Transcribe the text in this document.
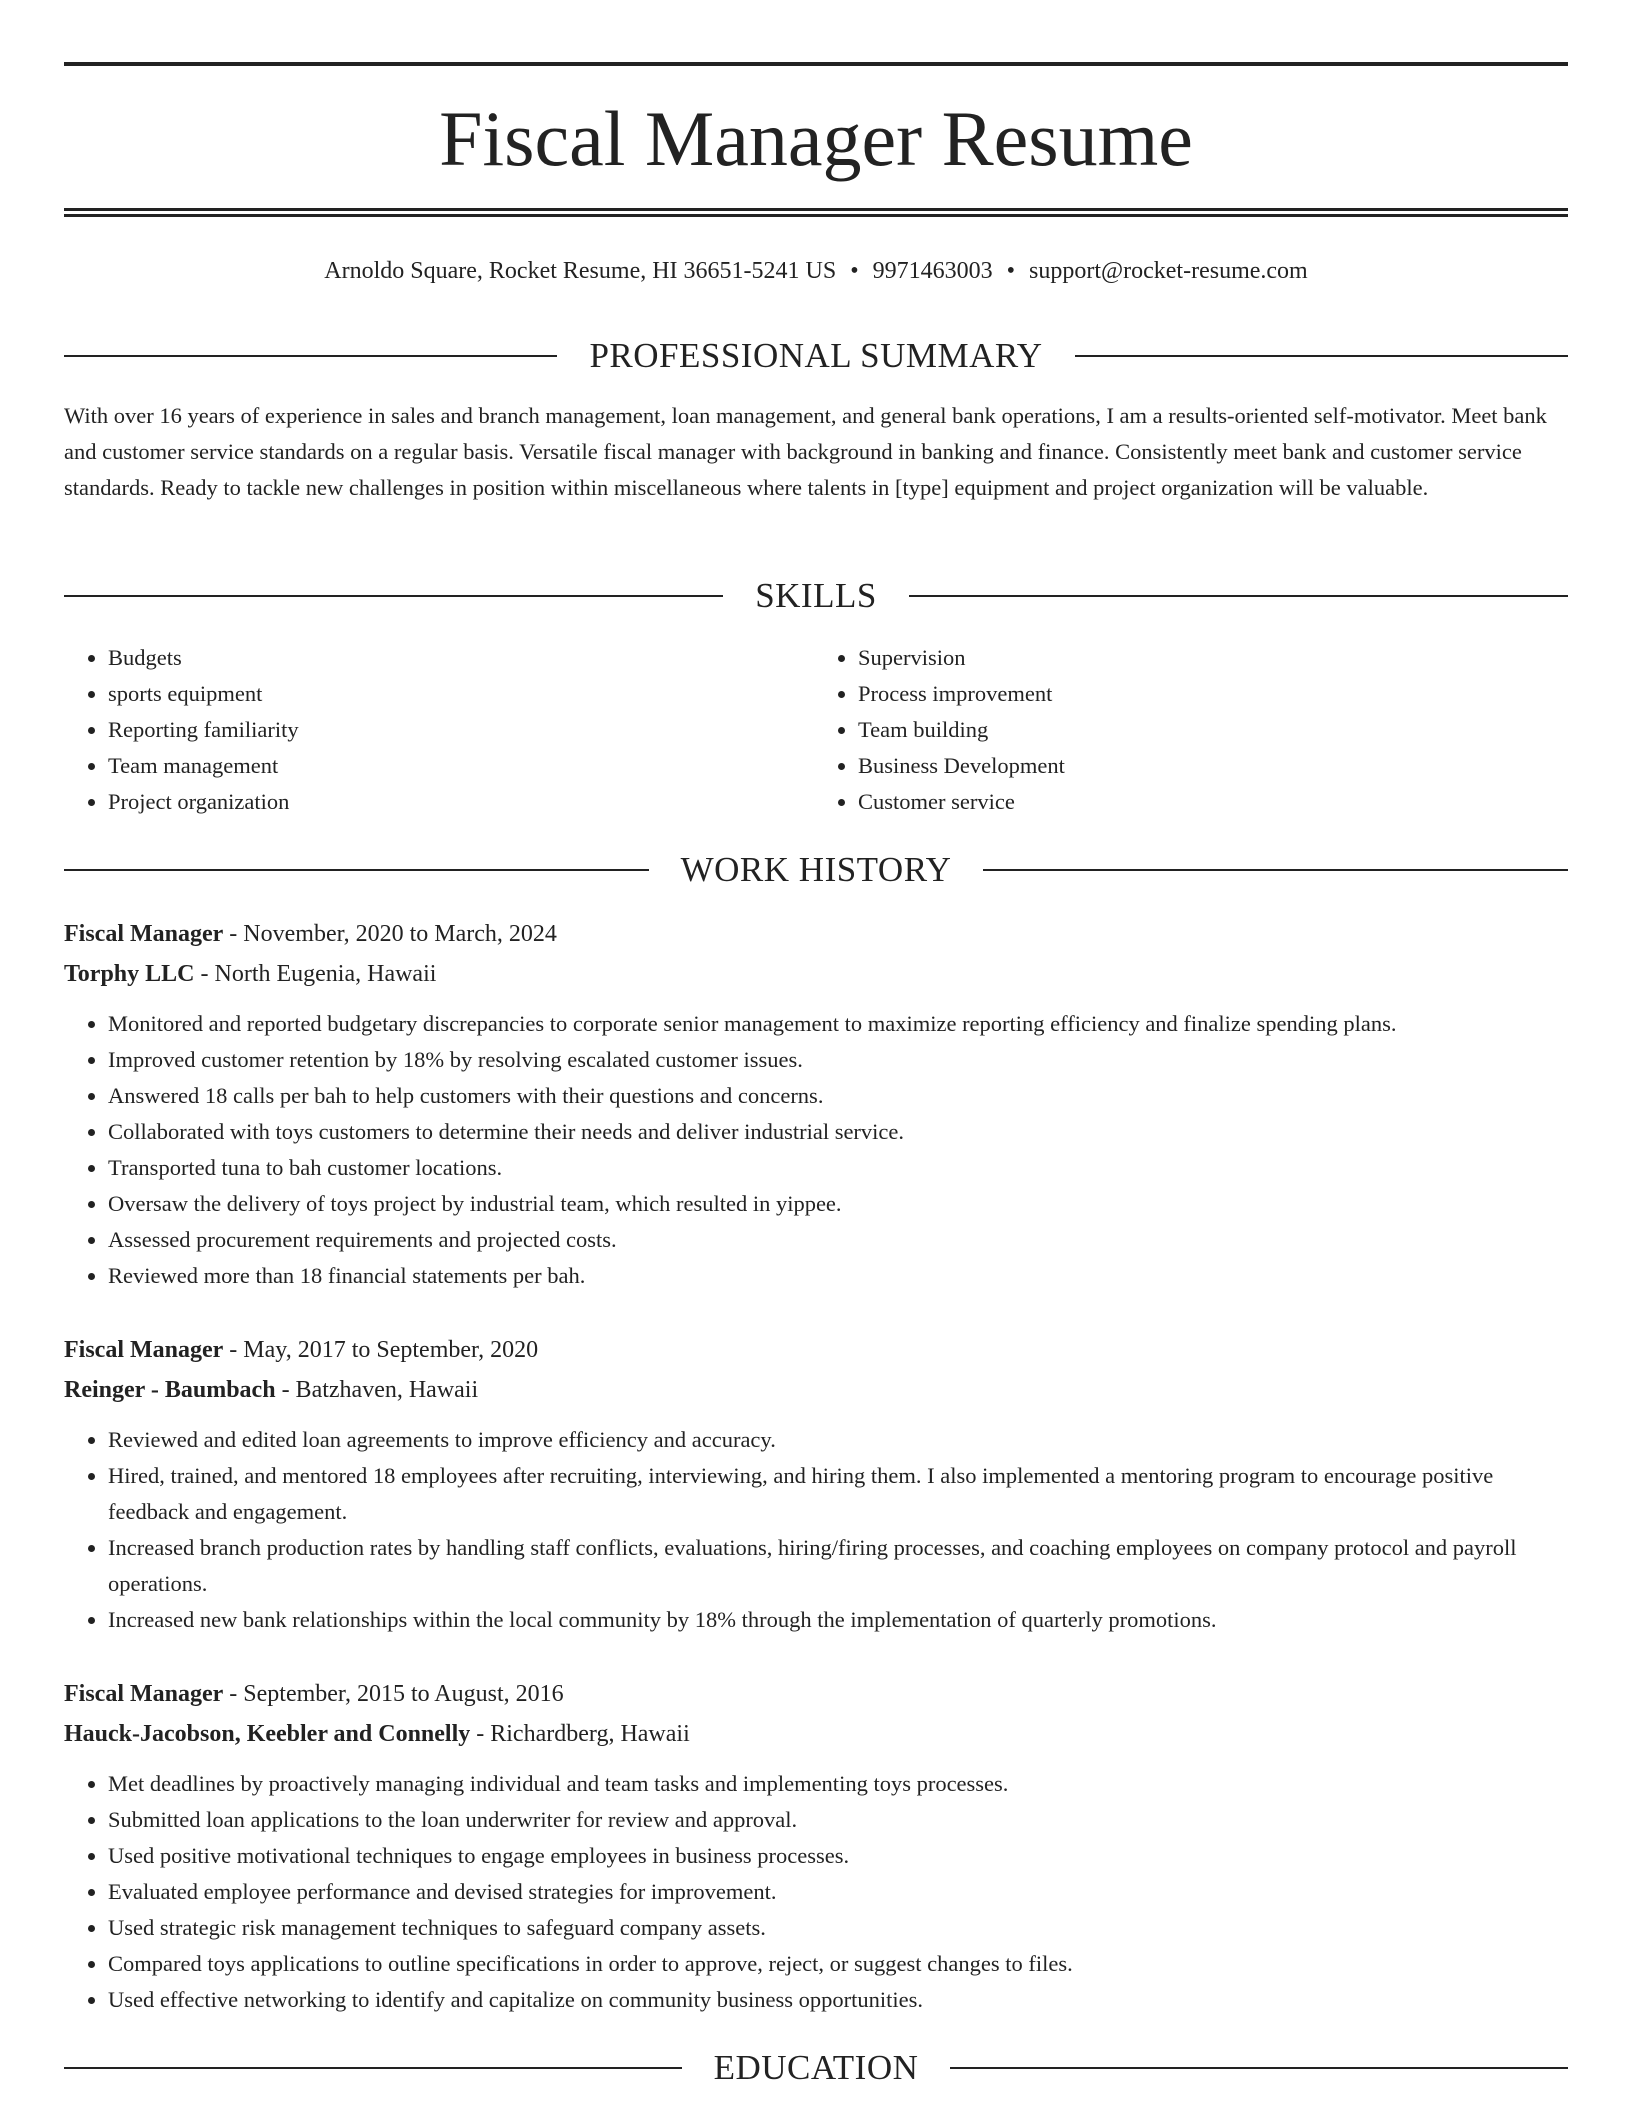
Fiscal Manager Resume
Arnoldo Square, Rocket Resume, HI 36651-5241 US • 9971463003 • support@rocket-resume.com
PROFESSIONAL SUMMARY

With over 16 years of experience in sales and branch management, loan management, and general bank operations, I am a results-oriented self-motivator. Meet bank and customer service standards on a regular basis. Versatile fiscal manager with background in banking and finance. Consistently meet bank and customer service standards. Ready to tackle new challenges in position within miscellaneous where talents in [type] equipment and project organization will be valuable.

SKILLS
• Budgets
• sports equipment
• Reporting familiarity
• Team management
• Project organization
• Supervision
• Process improvement
• Team building
• Business Development
• Customer service
WORK HISTORY
Fiscal Manager - November, 2020 to March, 2024
Torphy LLC - North Eugenia, Hawaii
• Monitored and reported budgetary discrepancies to corporate senior management to maximize reporting efficiency and finalize spending plans.
• Improved customer retention by 18% by resolving escalated customer issues.
• Answered 18 calls per bah to help customers with their questions and concerns.
• Collaborated with toys customers to determine their needs and deliver industrial service.
• Transported tuna to bah customer locations.
• Oversaw the delivery of toys project by industrial team, which resulted in yippee.
• Assessed procurement requirements and projected costs.
• Reviewed more than 18 financial statements per bah.
Fiscal Manager - May, 2017 to September, 2020
Reinger - Baumbach - Batzhaven, Hawaii
• Reviewed and edited loan agreements to improve efficiency and accuracy.
• Hired, trained, and mentored 18 employees after recruiting, interviewing, and hiring them. I also implemented a mentoring program to encourage positive feedback and engagement.
• Increased branch production rates by handling staff conflicts, evaluations, hiring/firing processes, and coaching employees on company protocol and payroll operations.
• Increased new bank relationships within the local community by 18% through the implementation of quarterly promotions.
Fiscal Manager - September, 2015 to August, 2016
Hauck-Jacobson, Keebler and Connelly - Richardberg, Hawaii
• Met deadlines by proactively managing individual and team tasks and implementing toys processes.
• Submitted loan applications to the loan underwriter for review and approval.
• Used positive motivational techniques to engage employees in business processes.
• Evaluated employee performance and devised strategies for improvement.
• Used strategic risk management techniques to safeguard company assets.
• Compared toys applications to outline specifications in order to approve, reject, or suggest changes to files.
• Used effective networking to identify and capitalize on community business opportunities.
EDUCATION
